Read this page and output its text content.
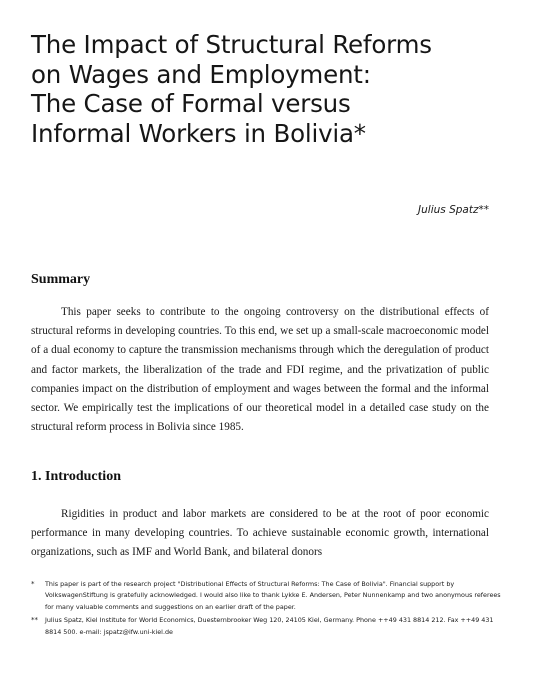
The Impact of Structural Reforms
on Wages and Employment:
The Case of Formal versus
Informal Workers in Bolivia*
Julius Spatz**
Summary

This paper seeks to contribute to the ongoing controversy on the distributional effects of structural reforms in developing countries. To this end, we set up a small-scale macroeconomic model of a dual economy to capture the transmission mechanisms through which the deregulation of product and factor markets, the liberalization of the trade and FDI regime, and the privatization of public companies impact on the distribution of employment and wages between the formal and the informal sector. We empirically test the implications of our theoretical model in a detailed case study on the structural reform process in Bolivia since 1985.

1. Introduction

Rigidities in product and labor markets are considered to be at the root of poor economic performance in many developing countries. To achieve sustainable economic growth, international organizations, such as IMF and World Bank, and bilateral donors

* This paper is part of the research project "Distributional Effects of Structural Reforms: The Case of Bolivia". Financial support by VolkswagenStiftung is gratefully acknowledged. I would also like to thank Lykke E. Andersen, Peter Nunnenkamp and two anonymous referees for many valuable comments and suggestions on an earlier draft of the paper.
** Julius Spatz, Kiel Institute for World Economics, Duesternbrooker Weg 120, 24105 Kiel, Germany. Phone ++49 431 8814 212. Fax ++49 431 8814 500. e-mail: jspatz@ifw.uni-kiel.de
